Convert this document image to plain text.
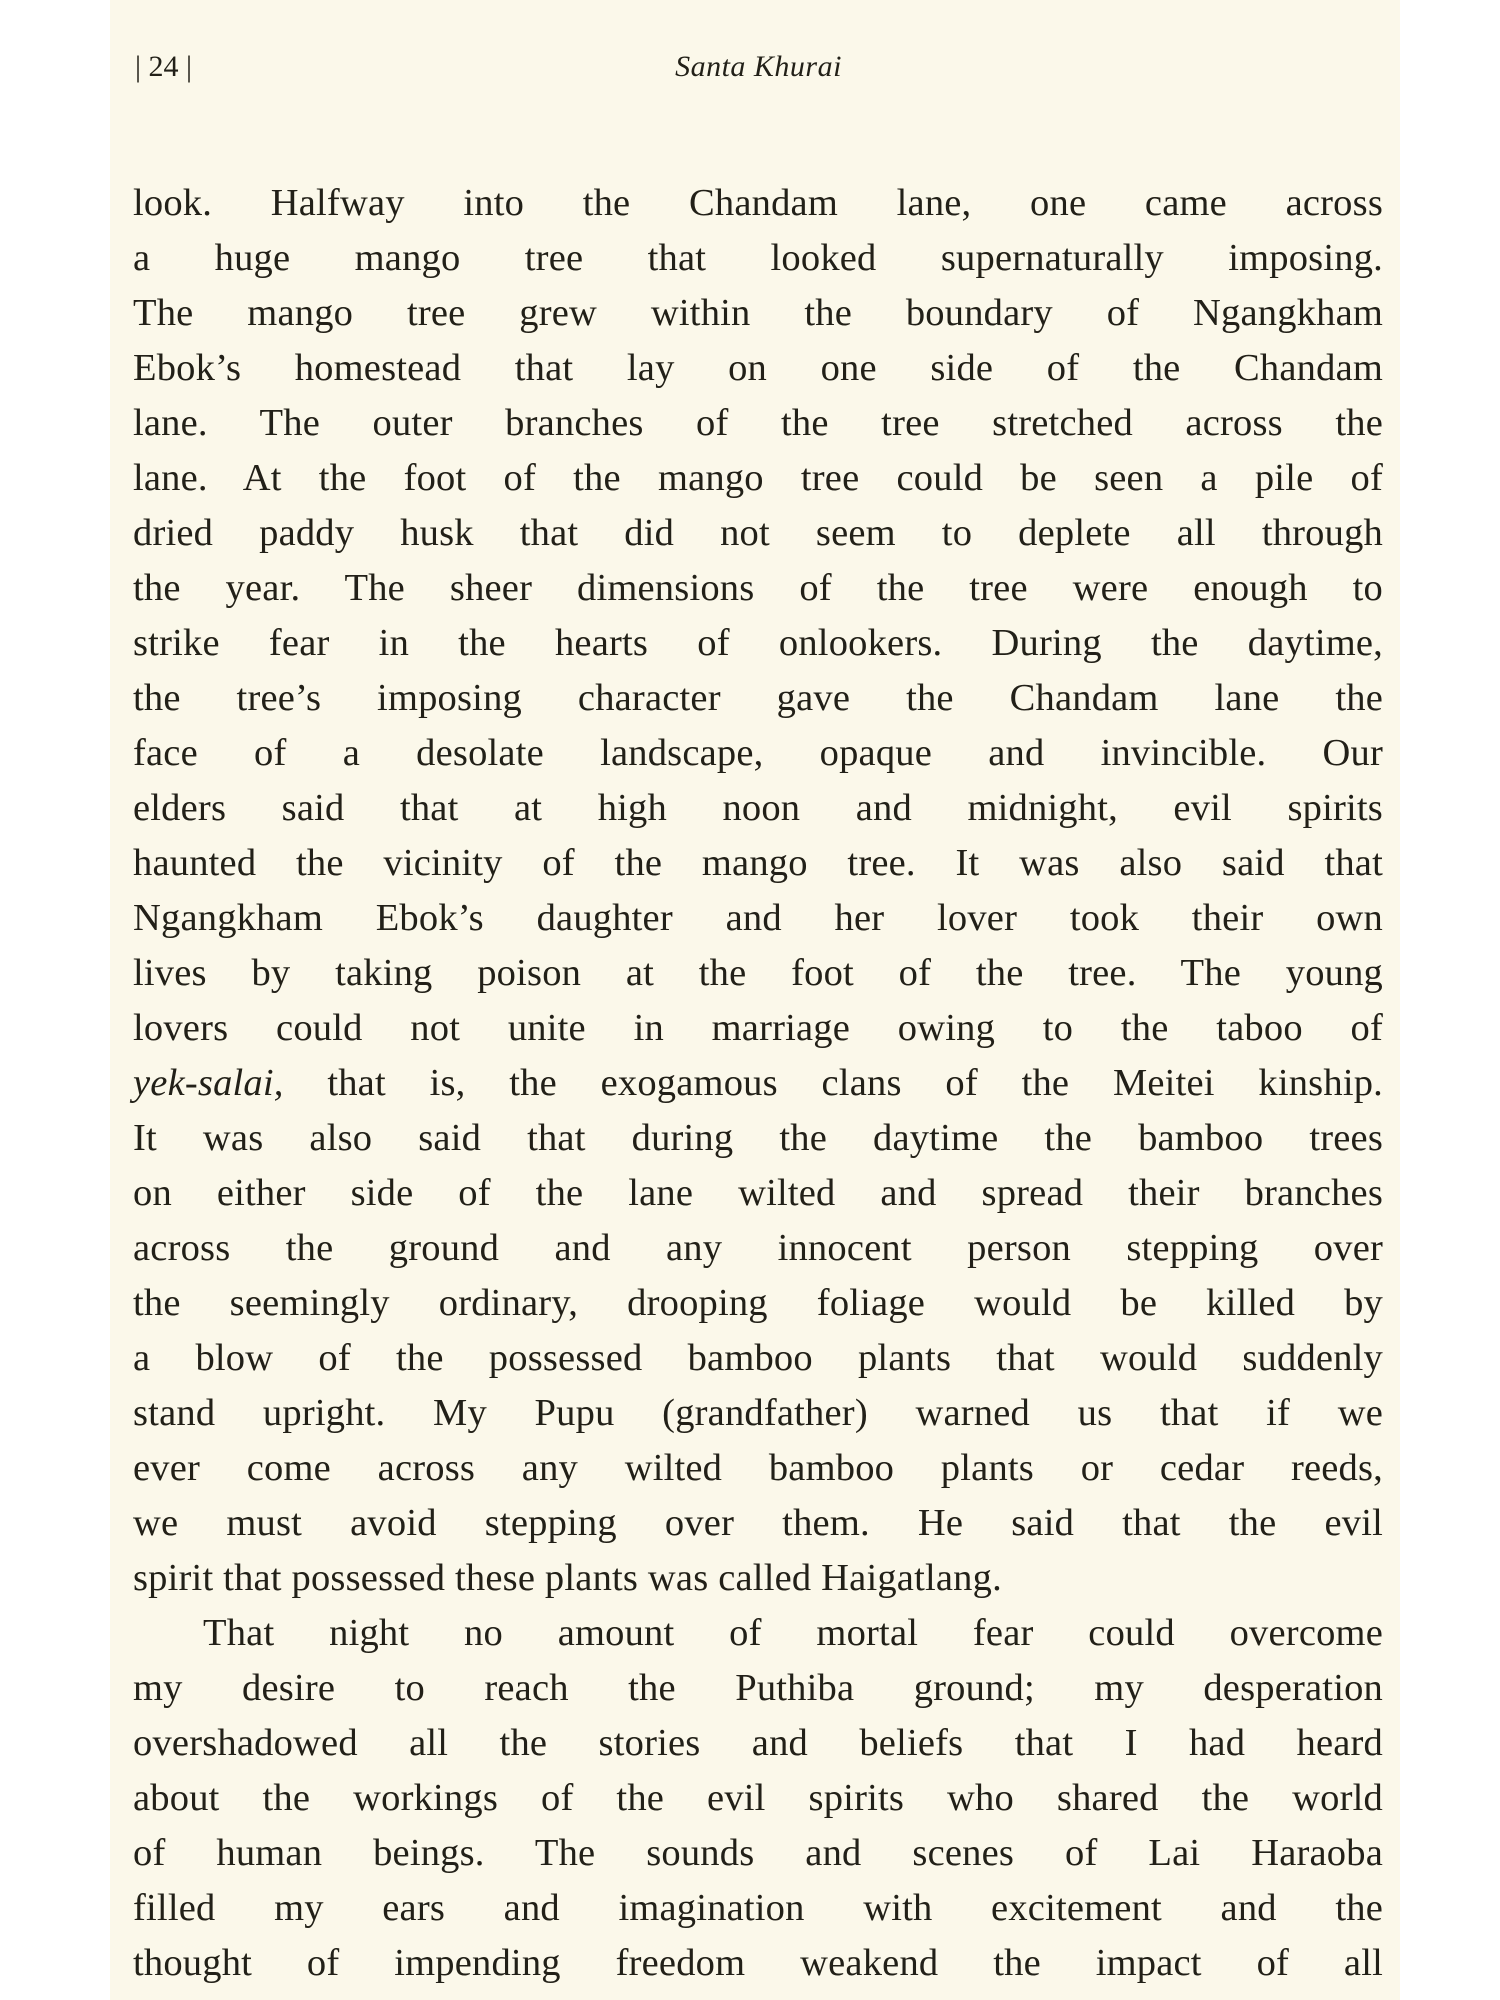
| 24 |	Santa Khurai
look. Halfway into the Chandam lane, one came across
a huge mango tree that looked supernaturally imposing.
The mango tree grew within the boundary of Ngangkham
Ebok’s homestead that lay on one side of the Chandam
lane. The outer branches of the tree stretched across the
lane. At the foot of the mango tree could be seen a pile of
dried paddy husk that did not seem to deplete all through
the year. The sheer dimensions of the tree were enough to
strike fear in the hearts of onlookers. During the daytime,
the tree’s imposing character gave the Chandam lane the
face of a desolate landscape, opaque and invincible. Our
elders said that at high noon and midnight, evil spirits
haunted the vicinity of the mango tree. It was also said that
Ngangkham Ebok’s daughter and her lover took their own
lives by taking poison at the foot of the tree. The young
lovers could not unite in marriage owing to the taboo of
yek-salai, that is, the exogamous clans of the Meitei kinship.
It was also said that during the daytime the bamboo trees
on either side of the lane wilted and spread their branches
across the ground and any innocent person stepping over
the seemingly ordinary, drooping foliage would be killed by
a blow of the possessed bamboo plants that would suddenly
stand upright. My Pupu (grandfather) warned us that if we
ever come across any wilted bamboo plants or cedar reeds,
we must avoid stepping over them. He said that the evil
spirit that possessed these plants was called Haigatlang.
That night no amount of mortal fear could overcome
my desire to reach the Puthiba ground; my desperation
overshadowed all the stories and beliefs that I had heard
about the workings of the evil spirits who shared the world
of human beings. The sounds and scenes of Lai Haraoba
filled my ears and imagination with excitement and the
thought of impending freedom weakend the impact of all
